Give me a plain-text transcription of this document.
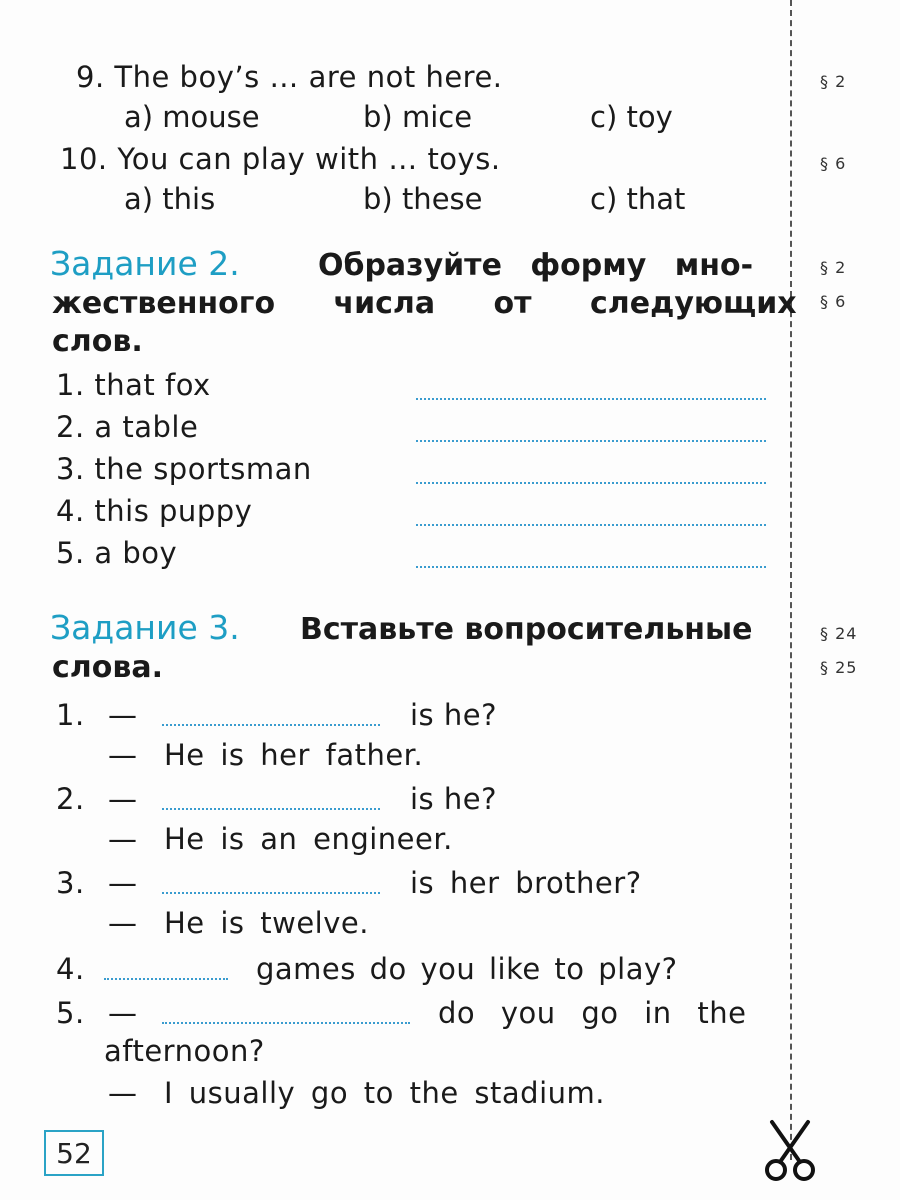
9. The boy’s … are not here.
a) mouse	b) mice	c) toy
§ 2
10. You can play with … toys.
a) this	b) these	c) that
§ 6
Задание 2.	Образуйте форму мно-
жественного числа от следующих
слов.
§ 2
§ 6
1. that fox
2. a table
3. the sportsman
4. this puppy
5. a boy
Задание 3. Вставьте вопросительные
слова.
§ 24
§ 25
1. —	is he?
— He is her father.
2. —	is he?
— He is an engineer.
3. —	is her brother?
— He is twelve.
4.	games do you like to play?
5. —	do you go in the
afternoon?
— I usually go to the stadium.
52
